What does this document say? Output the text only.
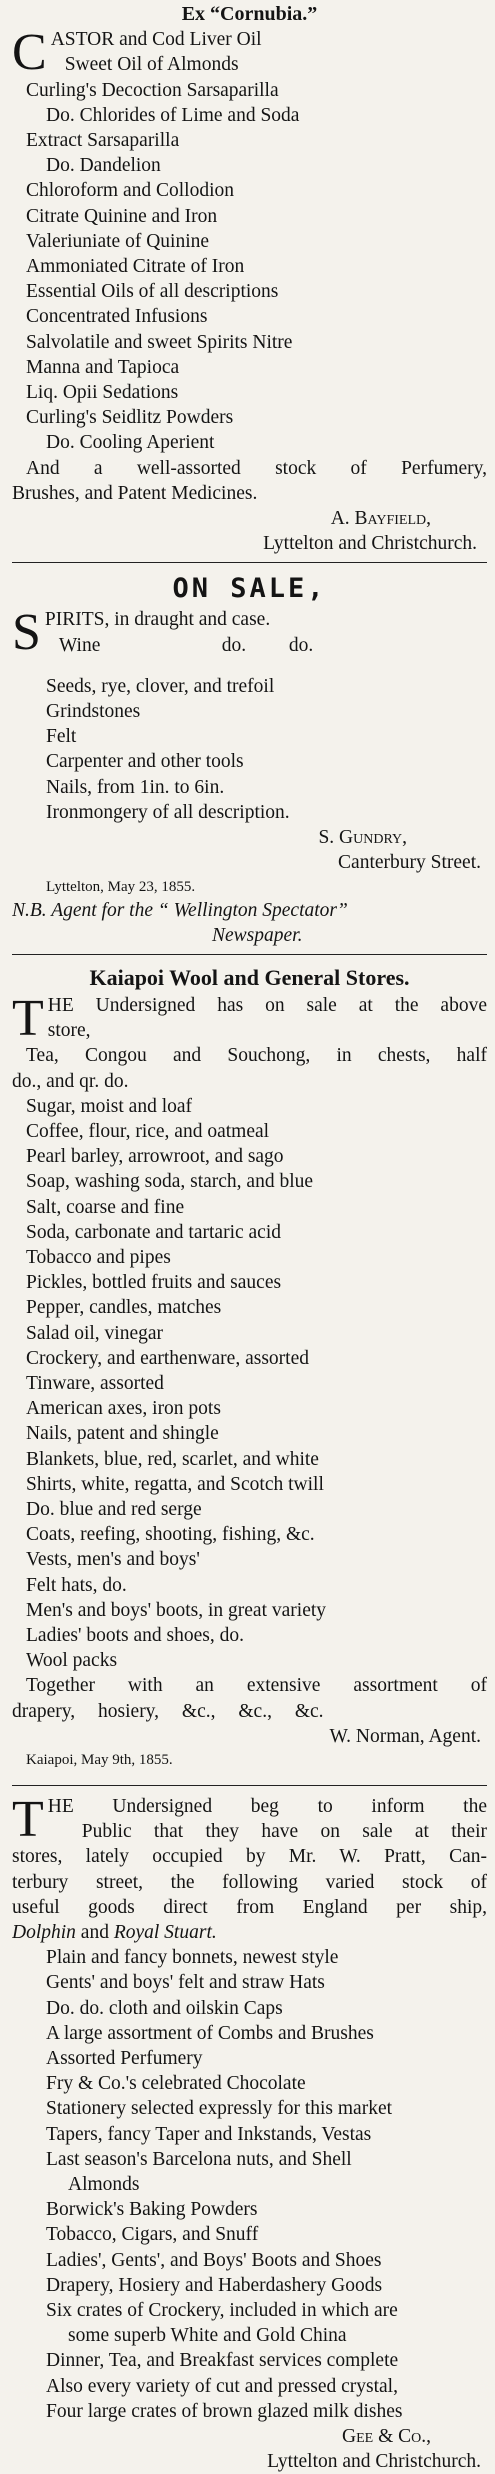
Ex “Cornubia.”
C ASTOR and Cod Liver Oil
Sweet Oil of Almonds
Curling's Decoction Sarsaparilla
Do. Chlorides of Lime and Soda
Extract Sarsaparilla
Do. Dandelion
Chloroform and Collodion
Citrate Quinine and Iron
Valeriuniate of Quinine
Ammoniated Citrate of Iron
Essential Oils of all descriptions
Concentrated Infusions
Salvolatile and sweet Spirits Nitre
Manna and Tapioca
Liq. Opii Sedations
Curling's Seidlitz Powders
Do. Cooling Aperient
And a well-assorted stock of Perfumery,
Brushes, and Patent Medicines.
A. Bayfield,
Lyttelton and Christchurch.
ON SALE,
S PIRITS, in draught and case.
Wine	do. do.
Seeds, rye, clover, and trefoil
Grindstones
Felt
Carpenter and other tools
Nails, from 1in. to 6in.
Ironmongery of all description.
S. Gundry,
Canterbury Street.
Lyttelton, May 23, 1855.
N.B. Agent for the “ Wellington Spectator”
Newspaper.
Kaiapoi Wool and General Stores.
T HE Undersigned has on sale at the above
store,
Tea, Congou and Souchong, in chests, half
do., and qr. do.
Sugar, moist and loaf
Coffee, flour, rice, and oatmeal
Pearl barley, arrowroot, and sago
Soap, washing soda, starch, and blue
Salt, coarse and fine
Soda, carbonate and tartaric acid
Tobacco and pipes
Pickles, bottled fruits and sauces
Pepper, candles, matches
Salad oil, vinegar
Crockery, and earthenware, assorted
Tinware, assorted
American axes, iron pots
Nails, patent and shingle
Blankets, blue, red, scarlet, and white
Shirts, white, regatta, and Scotch twill
Do. blue and red serge
Coats, reefing, shooting, fishing, &c.
Vests, men's and boys'
Felt hats, do.
Men's and boys' boots, in great variety
Ladies' boots and shoes, do.
Wool packs
Together with an extensive assortment of
drapery, hosiery, &c., &c., &c.
W. Norman, Agent.
Kaiapoi, May 9th, 1855.
T HE Undersigned beg to inform the
Public that they have on sale at their
stores, lately occupied by Mr. W. Pratt, Can-
terbury street, the following varied stock of
useful goods direct from England per ship,
Dolphin and Royal Stuart.
Plain and fancy bonnets, newest style
Gents' and boys' felt and straw Hats
Do. do. cloth and oilskin Caps
A large assortment of Combs and Brushes
Assorted Perfumery
Fry & Co.'s celebrated Chocolate
Stationery selected expressly for this market
Tapers, fancy Taper and Inkstands, Vestas
Last season's Barcelona nuts, and Shell
Almonds
Borwick's Baking Powders
Tobacco, Cigars, and Snuff
Ladies', Gents', and Boys' Boots and Shoes
Drapery, Hosiery and Haberdashery Goods
Six crates of Crockery, included in which are
some superb White and Gold China
Dinner, Tea, and Breakfast services complete
Also every variety of cut and pressed crystal,
Four large crates of brown glazed milk dishes
Gee & Co.,
Lyttelton and Christchurch.
